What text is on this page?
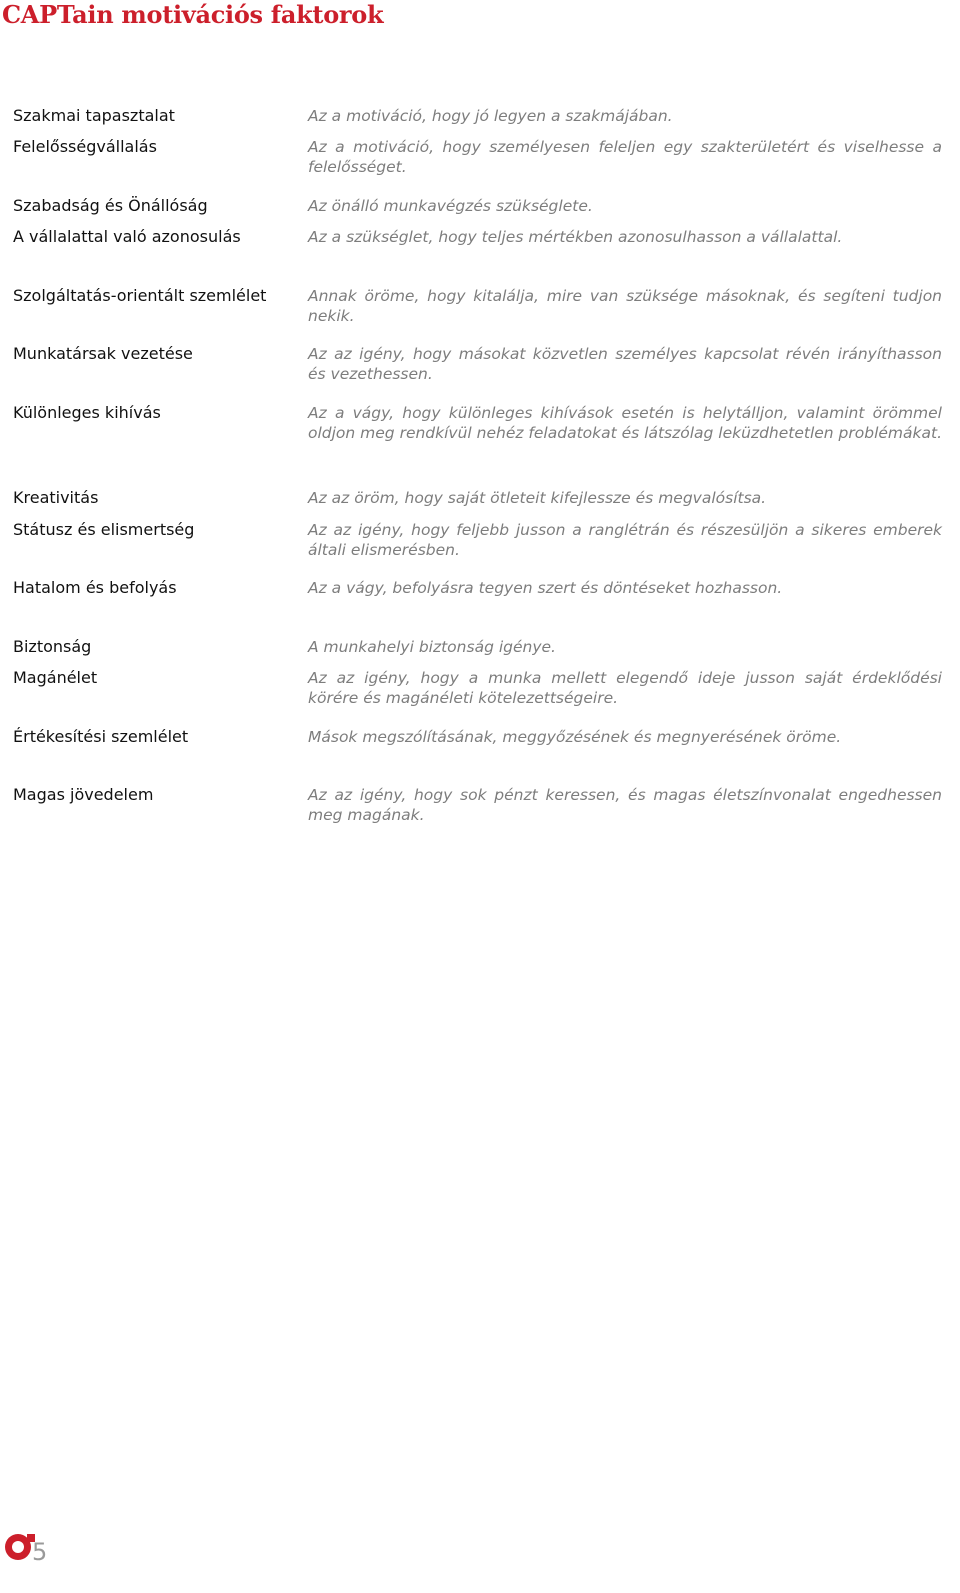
CAPTain motivációs faktorok

Szakmai tapasztalat	Az a motiváció, hogy jó legyen a szakmájában.

Felelősségvállalás	Az a motiváció, hogy személyesen feleljen egy szakterületért és viselhesse a felelősséget.

Szabadság és Önállóság	Az önálló munkavégzés szükséglete.

A vállalattal való azonosulás	Az a szükséglet, hogy teljes mértékben azonosulhasson a vállalattal.

Szolgáltatás-orientált szemlélet	Annak öröme, hogy kitalálja, mire van szüksége másoknak, és segíteni tudjon nekik.

Munkatársak vezetése	Az az igény, hogy másokat közvetlen személyes kapcsolat révén irányíthasson és vezethessen.

Különleges kihívás	Az a vágy, hogy különleges kihívások esetén is helytálljon, valamint örömmel oldjon meg rendkívül nehéz feladatokat és látszólag leküzdhetetlen problémákat.

Kreativitás	Az az öröm, hogy saját ötleteit kifejlessze és megvalósítsa.

Státusz és elismertség	Az az igény, hogy feljebb jusson a ranglétrán és részesüljön a sikeres emberek általi elismerésben.

Hatalom és befolyás	Az a vágy, befolyásra tegyen szert és döntéseket hozhasson.

Biztonság	A munkahelyi biztonság igénye.

Magánélet	Az az igény, hogy a munka mellett elegendő ideje jusson saját érdeklődési körére és magánéleti kötelezettségeire.

Értékesítési szemlélet	Mások megszólításának, meggyőzésének és megnyerésének öröme.

Magas jövedelem	Az az igény, hogy sok pénzt keressen, és magas életszínvonalat engedhessen meg magának.

5
